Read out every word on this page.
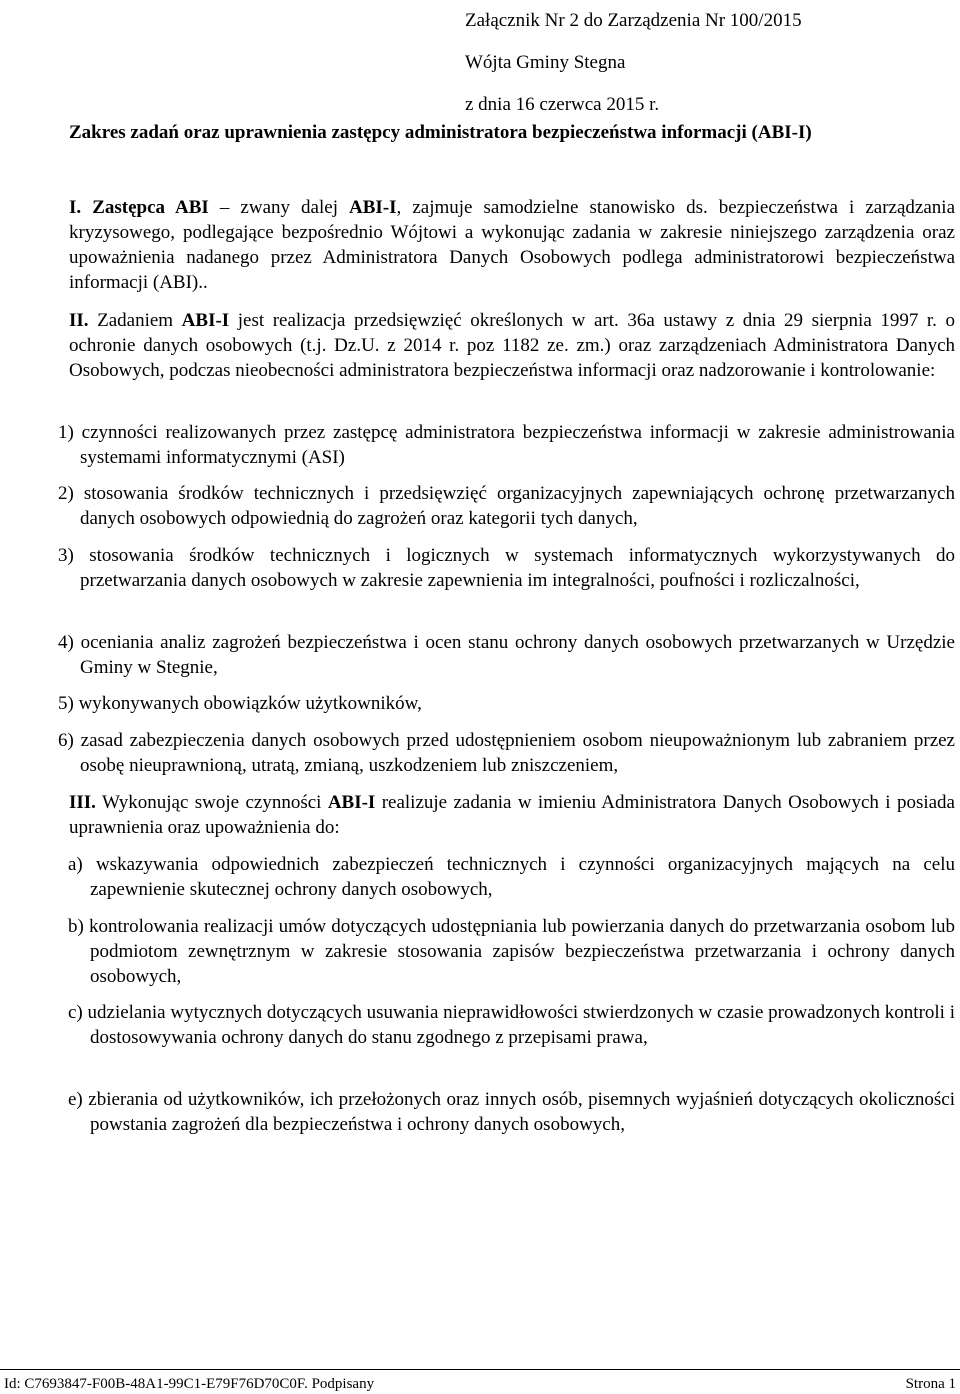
Załącznik Nr 2 do Zarządzenia Nr 100/2015
Wójta Gminy Stegna
z dnia 16 czerwca 2015 r.
Zakres zadań oraz uprawnienia zastępcy administratora bezpieczeństwa informacji (ABI-I)
I. Zastępca ABI – zwany dalej ABI-I, zajmuje samodzielne stanowisko ds. bezpieczeństwa i zarządzania kryzysowego, podlegające bezpośrednio Wójtowi a wykonując zadania w zakresie niniejszego zarządzenia oraz upoważnienia nadanego przez Administratora Danych Osobowych podlega administratorowi bezpieczeństwa informacji (ABI)..
II. Zadaniem ABI-I jest realizacja przedsięwzięć określonych w art. 36a ustawy z dnia 29 sierpnia 1997 r. o ochronie danych osobowych (t.j. Dz.U. z 2014 r. poz 1182 ze. zm.) oraz zarządzeniach Administratora Danych Osobowych, podczas nieobecności administratora bezpieczeństwa informacji oraz nadzorowanie i kontrolowanie:
1) czynności realizowanych przez zastępcę administratora bezpieczeństwa informacji w zakresie administrowania systemami informatycznymi (ASI)
2) stosowania środków technicznych i przedsięwzięć organizacyjnych zapewniających ochronę przetwarzanych danych osobowych odpowiednią do zagrożeń oraz kategorii tych danych,
3) stosowania środków technicznych i logicznych w systemach informatycznych wykorzystywanych do przetwarzania danych osobowych w zakresie zapewnienia im integralności, poufności i rozliczalności,
4) oceniania analiz zagrożeń bezpieczeństwa i ocen stanu ochrony danych osobowych przetwarzanych w Urzędzie Gminy w Stegnie,
5) wykonywanych obowiązków użytkowników,
6) zasad zabezpieczenia danych osobowych przed udostępnieniem osobom nieupoważnionym lub zabraniem przez osobę nieuprawnioną, utratą, zmianą, uszkodzeniem lub zniszczeniem,
III. Wykonując swoje czynności ABI-I realizuje zadania w imieniu Administratora Danych Osobowych i posiada uprawnienia oraz upoważnienia do:
a) wskazywania odpowiednich zabezpieczeń technicznych i czynności organizacyjnych mających na celu zapewnienie skutecznej ochrony danych osobowych,
b) kontrolowania realizacji umów dotyczących udostępniania lub powierzania danych do przetwarzania osobom lub podmiotom zewnętrznym w zakresie stosowania zapisów bezpieczeństwa przetwarzania i ochrony danych osobowych,
c) udzielania wytycznych dotyczących usuwania nieprawidłowości stwierdzonych w czasie prowadzonych kontroli i dostosowywania ochrony danych do stanu zgodnego z przepisami prawa,
e) zbierania od użytkowników, ich przełożonych oraz innych osób, pisemnych wyjaśnień dotyczących okoliczności powstania zagrożeń dla bezpieczeństwa i ochrony danych osobowych,
Id: C7693847-F00B-48A1-99C1-E79F76D70C0F. Podpisany	Strona 1
